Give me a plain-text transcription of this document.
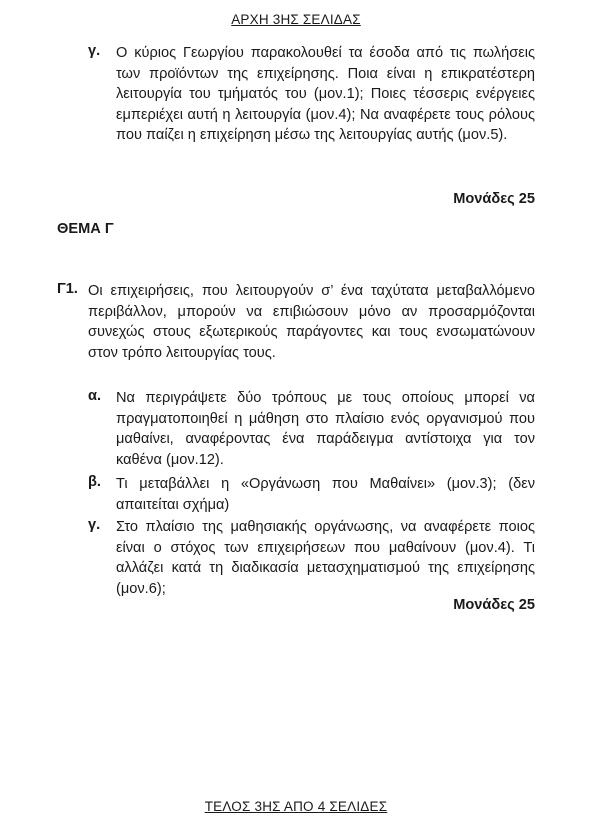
ΑΡΧΗ 3ΗΣ ΣΕΛΙΔΑΣ
γ. Ο κύριος Γεωργίου παρακολουθεί τα έσοδα από τις πωλήσεις των προϊόντων της επιχείρησης. Ποια είναι η επικρατέστερη λειτουργία του τμήματός του (μον.1); Ποιες τέσσερις ενέργειες εμπεριέχει αυτή η λειτουργία (μον.4); Να αναφέρετε τους ρόλους που παίζει η επιχείρηση μέσω της λειτουργίας αυτής (μον.5).
Μονάδες 25
ΘΕΜΑ Γ
Γ1. Οι επιχειρήσεις, που λειτουργούν σ’ ένα ταχύτατα μεταβαλλόμενο περιβάλλον, μπορούν να επιβιώσουν μόνο αν προσαρμόζονται συνεχώς στους εξωτερικούς παράγοντες και τους ενσωματώνουν στον τρόπο λειτουργίας τους.
α. Να περιγράψετε δύο τρόπους με τους οποίους μπορεί να πραγματοποιηθεί η μάθηση στο πλαίσιο ενός οργανισμού που μαθαίνει, αναφέροντας ένα παράδειγμα αντίστοιχα για τον καθένα (μον.12).
β. Τι μεταβάλλει η «Οργάνωση που Μαθαίνει» (μον.3); (δεν απαιτείται σχήμα)
γ. Στο πλαίσιο της μαθησιακής οργάνωσης, να αναφέρετε ποιος είναι ο στόχος των επιχειρήσεων που μαθαίνουν (μον.4). Τι αλλάζει κατά τη διαδικασία μετασχηματισμού της επιχείρησης (μον.6);
Μονάδες 25
ΤΕΛΟΣ 3ΗΣ ΑΠΟ 4 ΣΕΛΙΔΕΣ
